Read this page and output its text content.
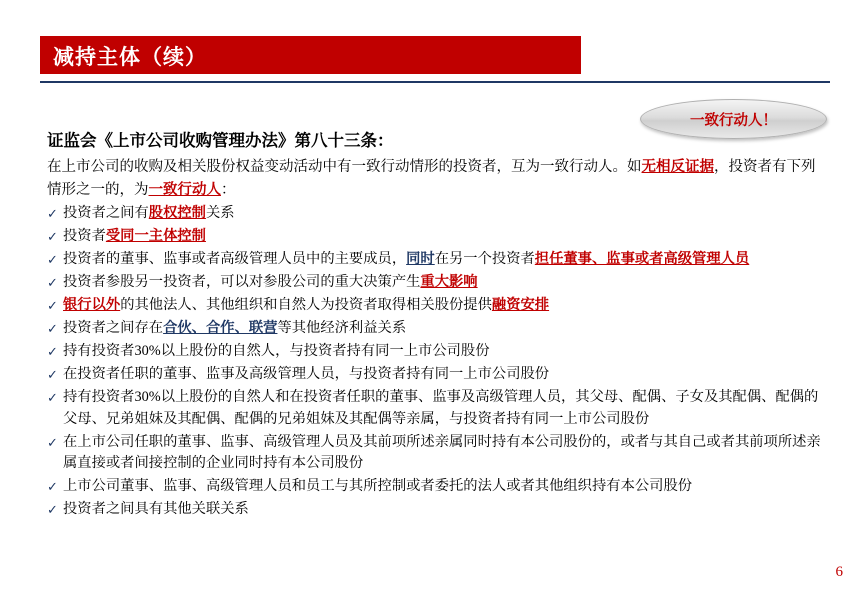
减持主体（续）
一致行动人！
证监会《上市公司收购管理办法》第八十三条：
在上市公司的收购及相关股份权益变动活动中有一致行动情形的投资者，互为一致行动人。如无相反证据，投资者有下列情形之一的，为一致行动人：
✓ 投资者之间有股权控制关系
✓ 投资者受同一主体控制
✓ 投资者的董事、监事或者高级管理人员中的主要成员，同时在另一个投资者担任董事、监事或者高级管理人员
✓ 投资者参股另一投资者，可以对参股公司的重大决策产生重大影响
✓ 银行以外的其他法人、其他组织和自然人为投资者取得相关股份提供融资安排
✓ 投资者之间存在合伙、合作、联营等其他经济利益关系
✓ 持有投资者30%以上股份的自然人，与投资者持有同一上市公司股份
✓ 在投资者任职的董事、监事及高级管理人员，与投资者持有同一上市公司股份
✓ 持有投资者30%以上股份的自然人和在投资者任职的董事、监事及高级管理人员，其父母、配偶、子女及其配偶、配偶的父母、兄弟姐妹及其配偶、配偶的兄弟姐妹及其配偶等亲属，与投资者持有同一上市公司股份
✓ 在上市公司任职的董事、监事、高级管理人员及其前项所述亲属同时持有本公司股份的，或者与其自己或者其前项所述亲属直接或者间接控制的企业同时持有本公司股份
✓ 上市公司董事、监事、高级管理人员和员工与其所控制或者委托的法人或者其他组织持有本公司股份
✓ 投资者之间具有其他关联关系
6
